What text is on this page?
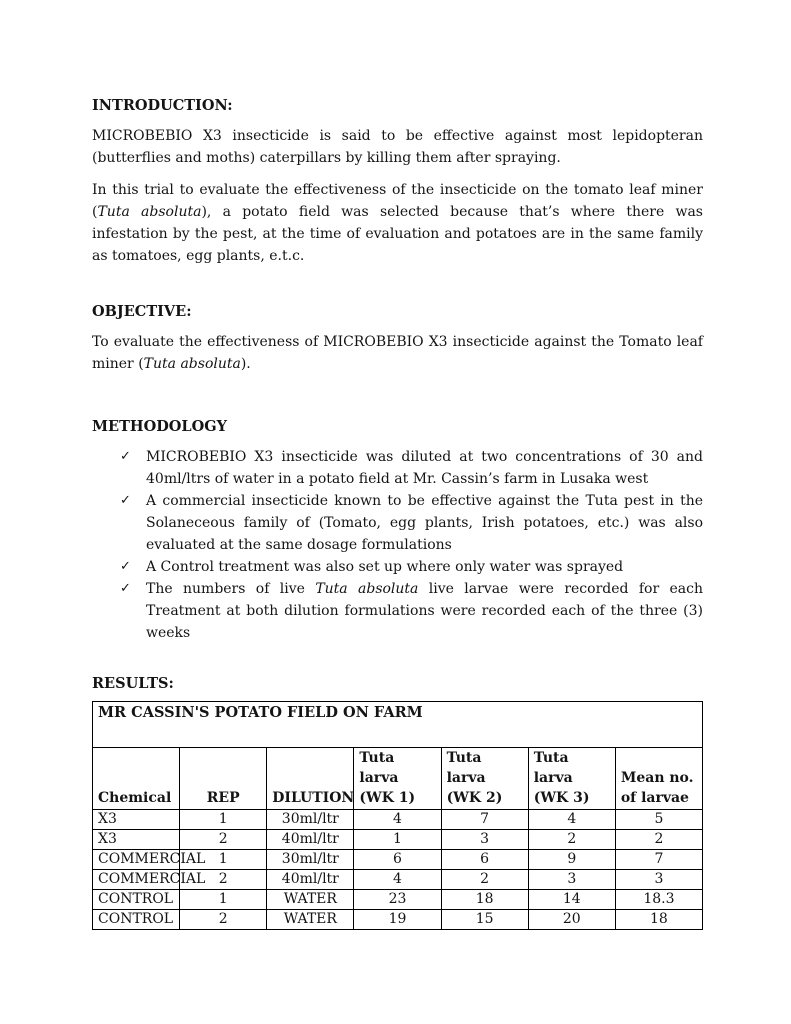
INTRODUCTION:

MICROBEBIO X3 insecticide is said to be effective against most lepidopteran (butterflies and moths) caterpillars by killing them after spraying.

In this trial to evaluate the effectiveness of the insecticide on the tomato leaf miner (Tuta absoluta), a potato field was selected because that’s where there was infestation by the pest, at the time of evaluation and potatoes are in the same family as tomatoes, egg plants, e.t.c.

OBJECTIVE:

To evaluate the effectiveness of MICROBEBIO X3 insecticide against the Tomato leaf miner (Tuta absoluta).

METHODOLOGY
✓	MICROBEBIO X3 insecticide was diluted at two concentrations of 30 and 40ml/ltrs of water in a potato field at Mr. Cassin’s farm in Lusaka west
✓	A commercial insecticide known to be effective against the Tuta pest in the Solaneceous family of (Tomato, egg plants, Irish potatoes, etc.) was also evaluated at the same dosage formulations
✓	A Control treatment was also set up where only water was sprayed
✓	The numbers of live Tuta absoluta live larvae were recorded for each Treatment at both dilution formulations were recorded each of the three (3) weeks
RESULTS:
MR CASSIN'S POTATO FIELD ON FARM						
Chemical	REP	DILUTION	Tuta larva (WK 1)	Tuta larva (WK 2)	Tuta larva (WK 3)	Mean no. of larvae
X3	1	30ml/ltr	4	7	4	5
X3	2	40ml/ltr	1	3	2	2
COMMERCIAL	1	30ml/ltr	6	6	9	7
COMMERCIAL	2	40ml/ltr	4	2	3	3
CONTROL	1	WATER	23	18	14	18.3
CONTROL	2	WATER	19	15	20	18
